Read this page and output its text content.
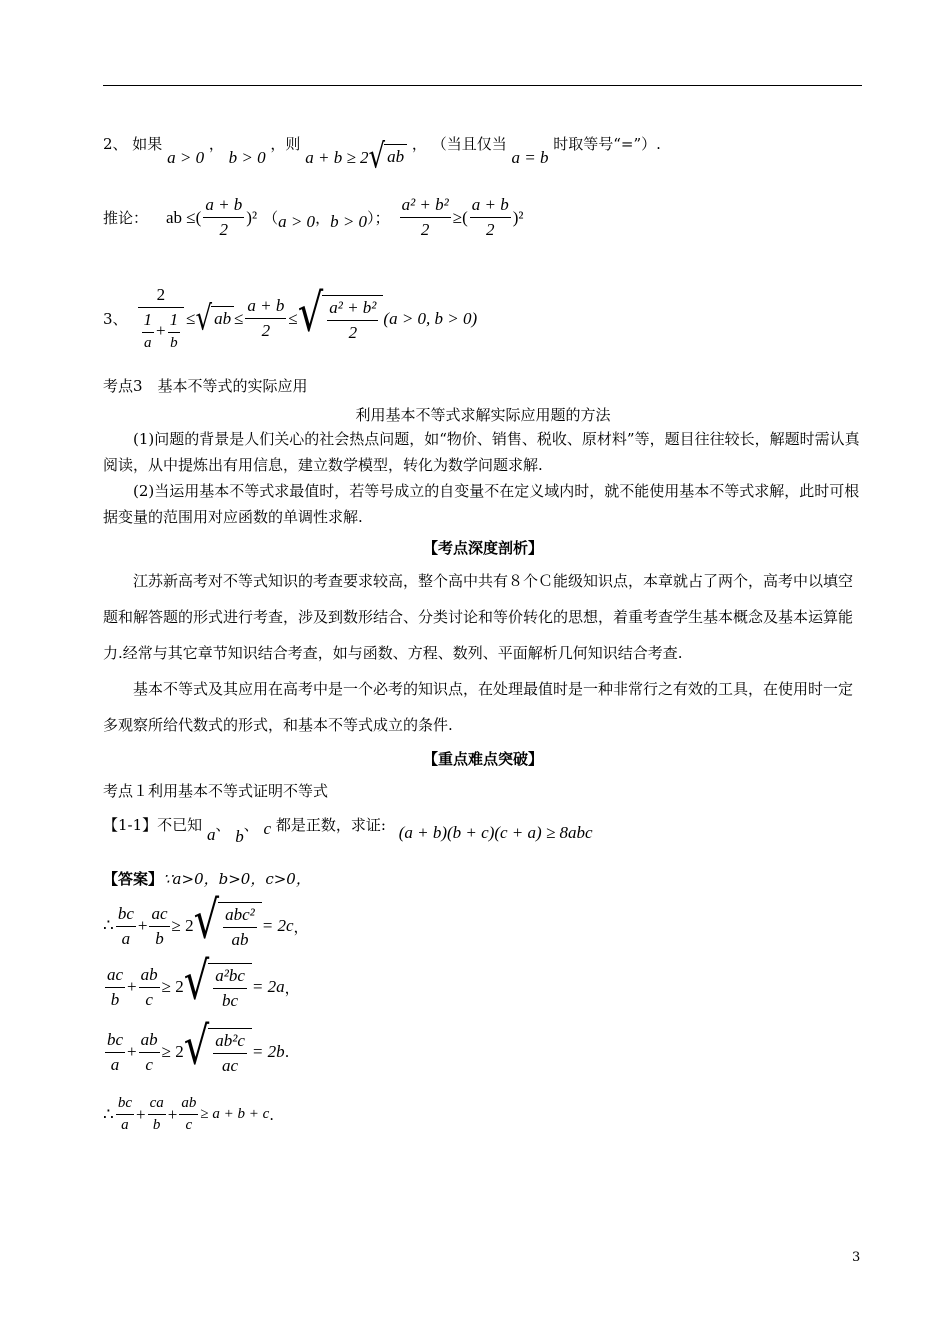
2、 如果 a > 0 ， b > 0 ，则 a + b ≥ 2 √ ab
， （当且仅当 a = b 时取等号“=”）.
推论： ab ≤( $\frac{a + b}{2} )^2$ （ a > 0 ， b > 0 ）； $\frac{\text{a² + b²}}{2}$ ≥( $\frac{a + b}{2} )^2$
3、 $\frac{2}{\frac{1}{a} + \frac{1}{b}}$ ≤ √ ab ≤ $\frac{a + b}{2}$ ≤ √ $\frac{\text{a² + b²}}{2} (a > 0$, b > 0)
考点3　基本不等式的实际应用
利用基本不等式求解实际应用题的方法
(1)问题的背景是人们关心的社会热点问题，如“物价、销售、税收、原材料”等，题目往往较长，解题时需认真阅读，从中提炼出有用信息，建立数学模型，转化为数学问题求解.
(2)当运用基本不等式求最值时，若等号成立的自变量不在定义域内时，就不能使用基本不等式求解，此时可根据变量的范围用对应函数的单调性求解.
【考点深度剖析】
江苏新高考对不等式知识的考查要求较高，整个高中共有８个Ｃ能级知识点，本章就占了两个，高考中以填空题和解答题的形式进行考查，涉及到数形结合、分类讨论和等价转化的思想，着重考查学生基本概念及基本运算能力.经常与其它章节知识结合考查，如与函数、方程、数列、平面解析几何知识结合考查.
基本不等式及其应用在高考中是一个必考的知识点，在处理最值时是一种非常行之有效的工具，在使用时一定多观察所给代数式的形式，和基本不等式成立的条件.
【重点难点突破】
考点１利用基本不等式证明不等式
【1-1】不已知 a、 b、 c 都是正数，求证: (a + b)(b + c)(c + a) ≥ 8abc
【答案】∵a>0，b>0，c>0，
∴ $\frac{bc}{a} + \frac{ac}{b} \ge 2$ √ $\frac{\text{abc²}}{ab} = 2c$ ，
$\frac{ac}{b} + \frac{ab}{c} \ge 2$ √ $\frac{\text{a²bc}}{bc} = 2a$ ，
$\frac{bc}{a} + \frac{ab}{c} \ge 2$ √ $\frac{\text{ab²c}}{ac} = 2b$ .
∴ $\frac{bc}{a} + \frac{ca}{b} + \frac{ab}{c} \ge a + b + c$ .
3
